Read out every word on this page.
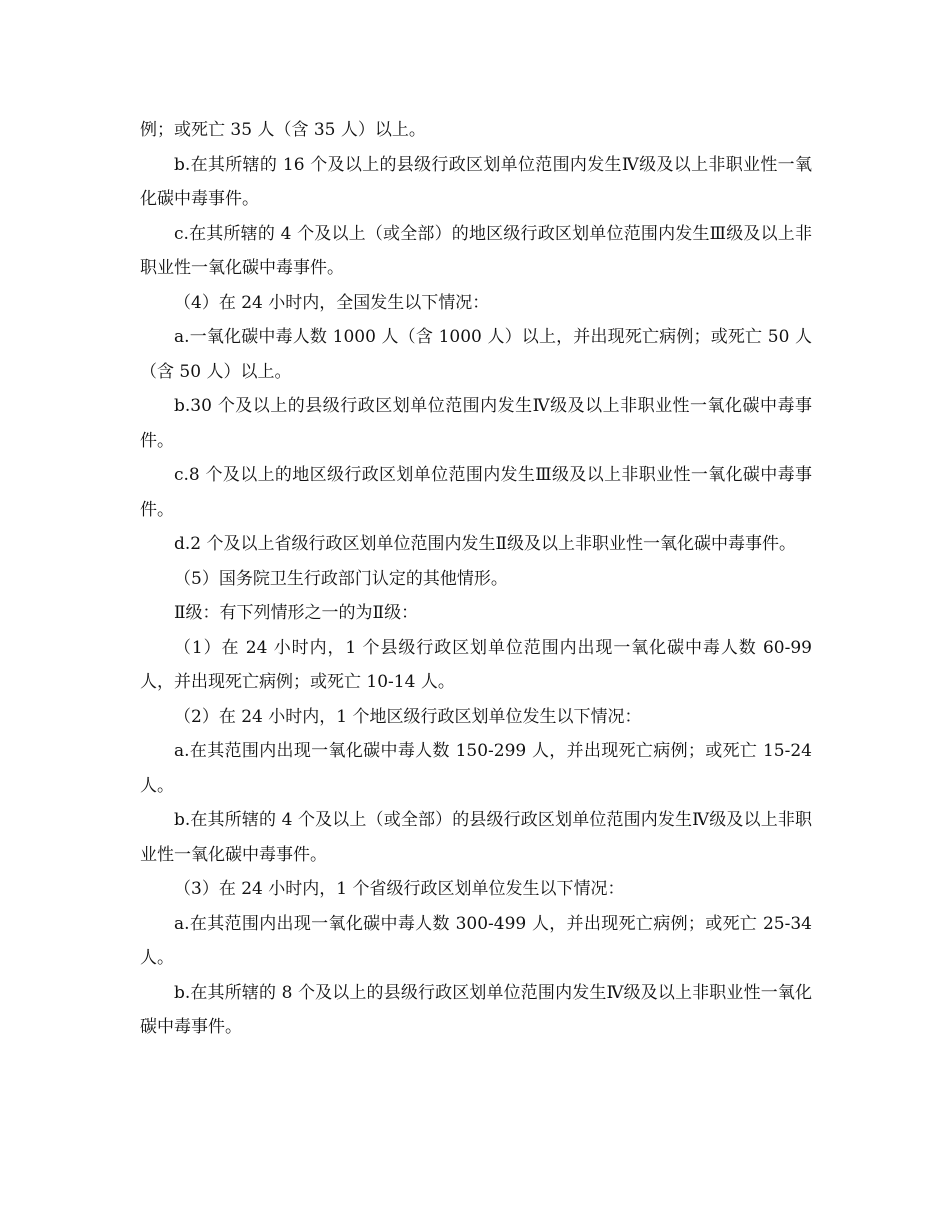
例；或死亡 35 人（含 35 人）以上。

b.在其所辖的 16 个及以上的县级行政区划单位范围内发生Ⅳ级及以上非职业性一氧化碳中毒事件。

c.在其所辖的 4 个及以上（或全部）的地区级行政区划单位范围内发生Ⅲ级及以上非职业性一氧化碳中毒事件。

（4）在 24 小时内，全国发生以下情况：

a.一氧化碳中毒人数 1000 人（含 1000 人）以上，并出现死亡病例；或死亡 50 人（含 50 人）以上。

b.30 个及以上的县级行政区划单位范围内发生Ⅳ级及以上非职业性一氧化碳中毒事件。

c.8 个及以上的地区级行政区划单位范围内发生Ⅲ级及以上非职业性一氧化碳中毒事件。

d.2 个及以上省级行政区划单位范围内发生Ⅱ级及以上非职业性一氧化碳中毒事件。

（5）国务院卫生行政部门认定的其他情形。

Ⅱ级：有下列情形之一的为Ⅱ级：

（1）在 24 小时内，1 个县级行政区划单位范围内出现一氧化碳中毒人数 60-99 人，并出现死亡病例；或死亡 10-14 人。

（2）在 24 小时内，1 个地区级行政区划单位发生以下情况：

a.在其范围内出现一氧化碳中毒人数 150-299 人，并出现死亡病例；或死亡 15-24 人。

b.在其所辖的 4 个及以上（或全部）的县级行政区划单位范围内发生Ⅳ级及以上非职业性一氧化碳中毒事件。

（3）在 24 小时内，1 个省级行政区划单位发生以下情况：

a.在其范围内出现一氧化碳中毒人数 300-499 人，并出现死亡病例；或死亡 25-34 人。

b.在其所辖的 8 个及以上的县级行政区划单位范围内发生Ⅳ级及以上非职业性一氧化碳中毒事件。
